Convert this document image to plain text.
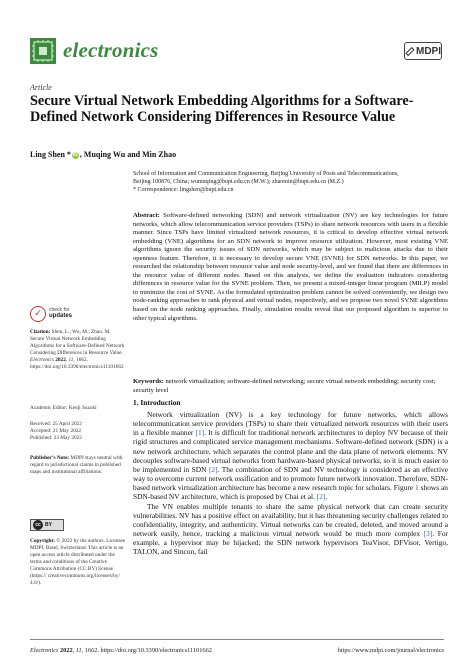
electronics	MDPI
Article
Secure Virtual Network Embedding Algorithms for a Software-Defined Network Considering Differences in Resource Value
Ling Shen * iD , Muqing Wu and Min Zhao
School of Information and Communication Engineering, Beijing University of Posts and Telecommunications,
Beijing 100876, China; wumuqing@bupt.edu.cn (M.W.); zhaomin@bupt.edu.cn (M.Z.)
* Correspondence: lingshen@bupt.edu.cn
Abstract: Software-defined networking (SDN) and network virtualization (NV) are key technologies for future networks, which allow telecommunication service providers (TSPs) to share network resources with users in a flexible manner. Since TSPs have limited virtualized network resources, it is critical to develop effective virtual network embedding (VNE) algorithms for an SDN network to improve resource utilization. However, most existing VNE algorithms ignore the security issues of SDN networks, which may be subject to malicious attacks due to their openness feature. Therefore, it is necessary to develop secure VNE (SVNE) for SDN networks. In this paper, we researched the relationship between resource value and node security-level, and we found that there are differences in the resource value of different nodes. Based on this analysis, we define the evaluation indicators considering differences in resource value for the SVNE problem. Then, we present a mixed-integer linear program (MILP) model to minimize the cost of SVNE. As the formulated optimization problem cannot be solved conveniently, we design two node-ranking approaches to rank physical and virtual nodes, respectively, and we propose two novel SVNE algorithms based on the node ranking approaches. Finally, simulation results reveal that our proposed algorithm is superior to other typical algorithms.
Keywords: network virtualization; software-defined networking; secure virtual network embedding; security cost; security level
1. Introduction

Network virtualization (NV) is a key technology for future networks, which allows telecommunication service providers (TSPs) to share their virtualized network resources with their users in a flexible manner [1]. It is difficult for traditional network architectures to deploy NV because of their rigid structures and complicated service management mechanisms. Software-defined network (SDN) is a new network architecture, which separates the control plane and the data plane of network elements. NV decouples software-based virtual networks from hardware-based physical networks, so it is much easier to be implemented in SDN [2]. The combination of SDN and NV technology is considered as an effective way to overcome current network ossification and to promote future network innovation. Therefore, SDN-based network virtualization architecture has become a new research topic for scholars. Figure 1 shows an SDN-based NV architecture, which is proposed by Chai et al. [2].

The VN enables multiple tenants to share the same physical network that can create security vulnerabilities. NV has a positive effect on availability, but it has threatening security challenges related to confidentiality, integrity, and authenticity. Virtual networks can be created, deleted, and moved around a network easily, hence, tracking a malicious virtual network would be much more complex [3]. For example, a hypervisor may be hijacked; the SDN network hypervisors TeaVisor, DFVisor, Vertigo, TALON, and Sincon, fail

✓	check for
updates
Citation: Shen, L.; Wu, M.; Zhao, M. Secure Virtual Network Embedding Algorithms for a Software-Defined Network Considering Differences in Resource Value. Electronics 2022, 11, 1662. https://doi.org/10.3390/electronics11101662
Academic Editor: Kenji Suzuki
Received: 25 April 2022
Accepted: 21 May 2022
Published: 23 May 2022
Publisher’s Note: MDPI stays neutral with regard to jurisdictional claims in published maps and institutional affiliations.
cc BY
Copyright: © 2022 by the authors. Licensee MDPI, Basel, Switzerland. This article is an open access article distributed under the terms and conditions of the Creative Commons Attribution (CC BY) license (https:// creativecommons.org/licenses/by/ 4.0/).
Electronics 2022, 11, 1662. https://doi.org/10.3390/electronics11101662	https://www.mdpi.com/journal/electronics
